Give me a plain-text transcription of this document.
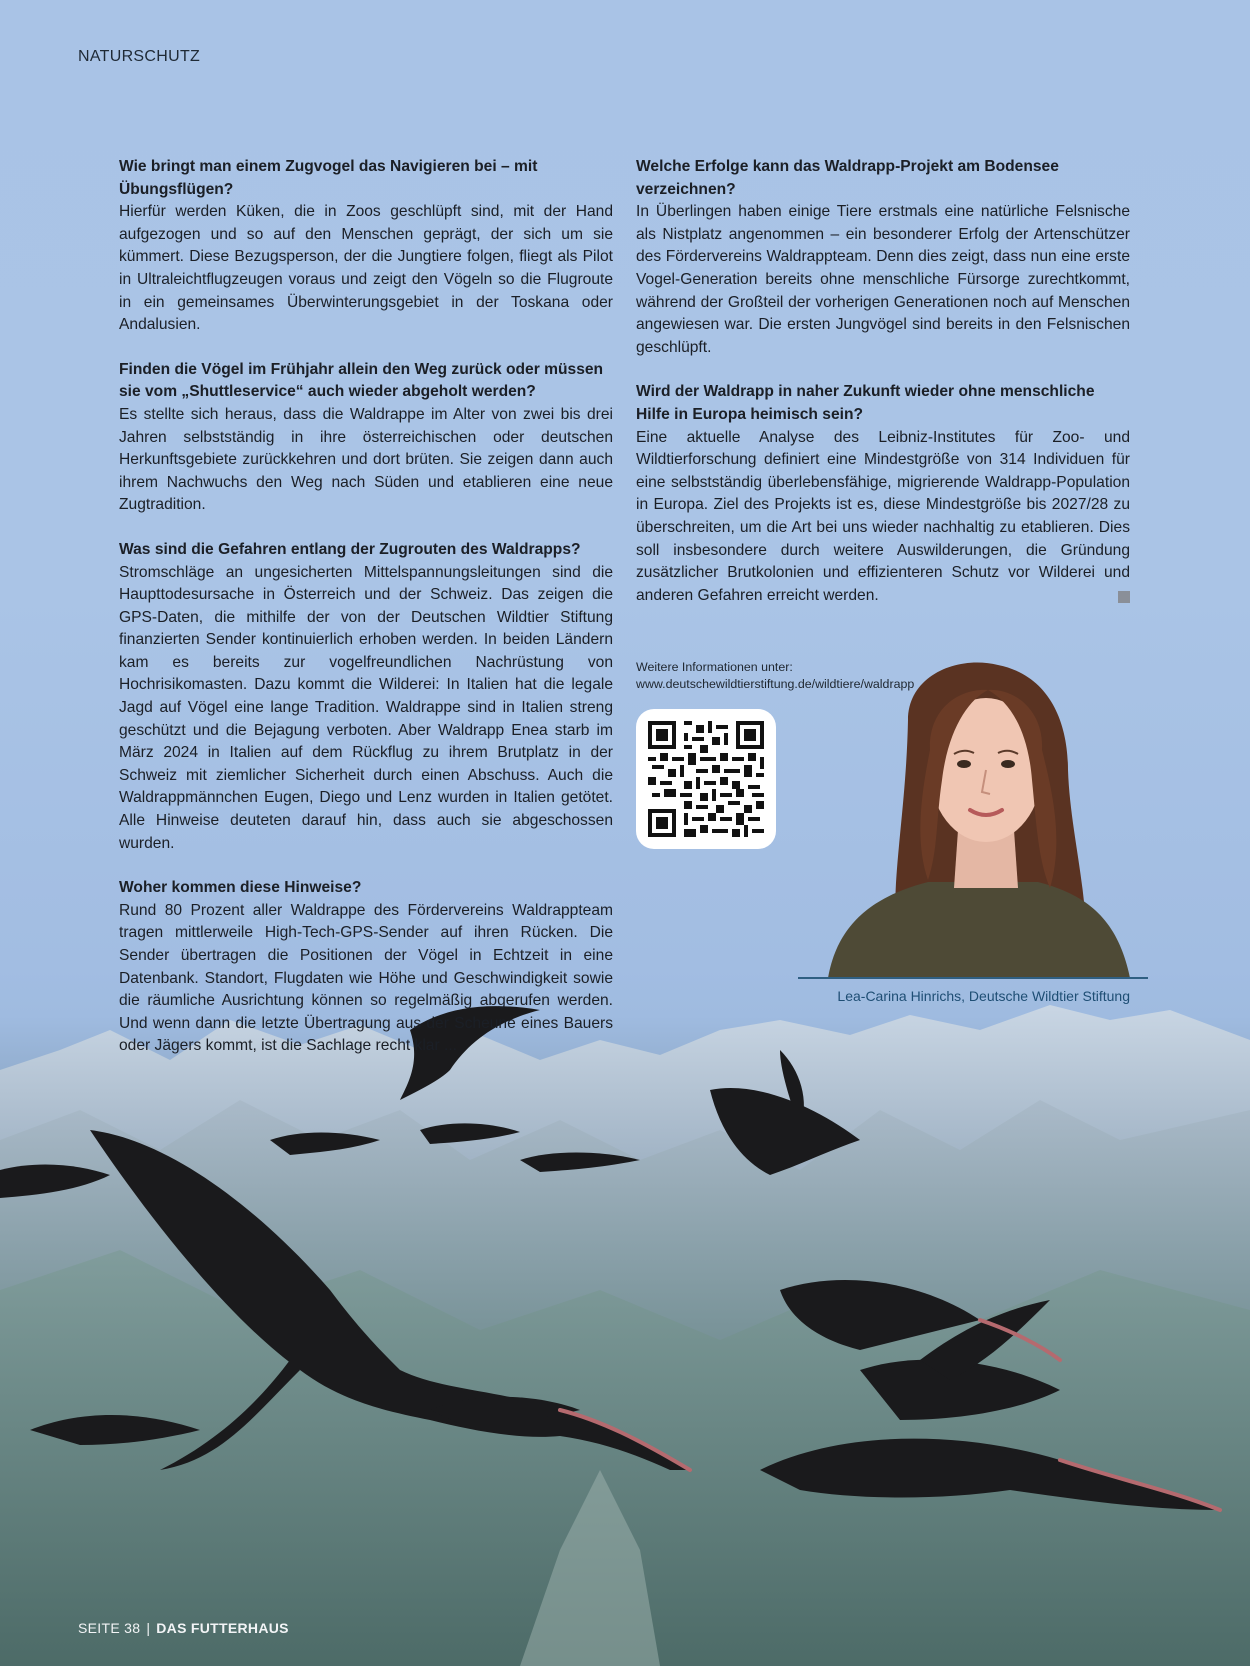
NATURSCHUTZ

Wie bringt man einem Zugvogel das Navigieren bei – mit Übungsflügen?

Hierfür werden Küken, die in Zoos geschlüpft sind, mit der Hand aufgezogen und so auf den Menschen geprägt, der sich um sie kümmert. Diese Bezugsperson, der die Jungtiere folgen, fliegt als Pilot in Ultraleichtflugzeugen voraus und zeigt den Vögeln so die Flugroute in ein gemeinsames Überwinterungsgebiet in der Toskana oder Andalusien.

Finden die Vögel im Frühjahr allein den Weg zurück oder müssen sie vom „Shuttleservice“ auch wieder abgeholt werden?

Es stellte sich heraus, dass die Waldrappe im Alter von zwei bis drei Jahren selbstständig in ihre österreichischen oder deutschen Herkunftsgebiete zurückkehren und dort brüten. Sie zeigen dann auch ihrem Nachwuchs den Weg nach Süden und etablieren eine neue Zugtradition.

Was sind die Gefahren entlang der Zugrouten des Waldrapps?

Stromschläge an ungesicherten Mittelspannungsleitungen sind die Haupttodesursache in Österreich und der Schweiz. Das zeigen die GPS-Daten, die mithilfe der von der Deutschen Wildtier Stiftung finanzierten Sender kontinuierlich erhoben werden. In beiden Ländern kam es bereits zur vogelfreundlichen Nachrüstung von Hochrisikomasten. Dazu kommt die Wilderei: In Italien hat die legale Jagd auf Vögel eine lange Tradition. Waldrappe sind in Italien streng geschützt und die Bejagung verboten. Aber Waldrapp Enea starb im März 2024 in Italien auf dem Rückflug zu ihrem Brutplatz in der Schweiz mit ziemlicher Sicherheit durch einen Abschuss. Auch die Waldrappmännchen Eugen, Diego und Lenz wurden in Italien getötet. Alle Hinweise deuteten darauf hin, dass auch sie abgeschossen wurden.

Woher kommen diese Hinweise?

Rund 80 Prozent aller Waldrappe des Fördervereins Waldrappteam tragen mittlerweile High-Tech-GPS-Sender auf ihren Rücken. Die Sender übertragen die Positionen der Vögel in Echtzeit in eine Datenbank. Standort, Flugdaten wie Höhe und Geschwindigkeit sowie die räumliche Ausrichtung können so regelmäßig abgerufen werden. Und wenn dann die letzte Übertragung aus der Scheune eines Bauers oder Jägers kommt, ist die Sachlage recht klar ...

Welche Erfolge kann das Waldrapp-Projekt am Bodensee verzeichnen?

In Überlingen haben einige Tiere erstmals eine natürliche Felsnische als Nistplatz angenommen – ein besonderer Erfolg der Artenschützer des Fördervereins Waldrappteam. Denn dies zeigt, dass nun eine erste Vogel-Generation bereits ohne menschliche Fürsorge zurechtkommt, während der Großteil der vorherigen Generationen noch auf Menschen angewiesen war. Die ersten Jungvögel sind bereits in den Felsnischen geschlüpft.

Wird der Waldrapp in naher Zukunft wieder ohne menschliche Hilfe in Europa heimisch sein?

Eine aktuelle Analyse des Leibniz-Institutes für Zoo- und Wildtierforschung definiert eine Mindestgröße von 314 Individuen für eine selbstständig überlebensfähige, migrierende Waldrapp-Population in Europa. Ziel des Projekts ist es, diese Mindestgröße bis 2027/28 zu überschreiten, um die Art bei uns wieder nachhaltig zu etablieren. Dies soll insbesondere durch weitere Auswilderungen, die Gründung zusätzlicher Brutkolonien und effizienteren Schutz vor Wilderei und anderen Gefahren erreicht werden.

Weitere Informationen unter:
www.deutschewildtierstiftung.de/wildtiere/waldrapp
Lea-Carina Hinrichs, Deutsche Wildtier Stiftung
SEITE 38 | DAS FUTTERHAUS
